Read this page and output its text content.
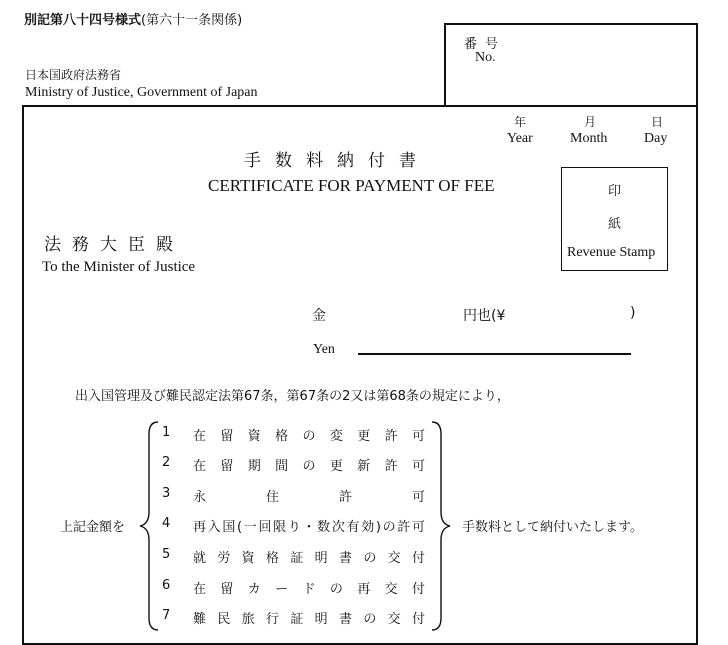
別記第八十四号様式(第六十一条関係)
日本国政府法務省
Ministry of Justice, Government of Japan
番号
No.
年
Year
月
Month
日
Day
手数料納付書
CERTIFICATE FOR PAYMENT OF FEE	印
紙
Revenue Stamp
法務大臣殿
To the Minister of Justice
金	円也(¥	)
Yen
出入国管理及び難民認定法第67条，第67条の2又は第68条の規定により，
上記金額を	手数料として納付いたします。
1 在留資格の変更許可
2 在留期間の更新許可
3 永住許可
4 再入国(一回限り・数次有効)の許可
5 就労資格証明書の交付
6 在留カードの再交付
7 難民旅行証明書の交付
